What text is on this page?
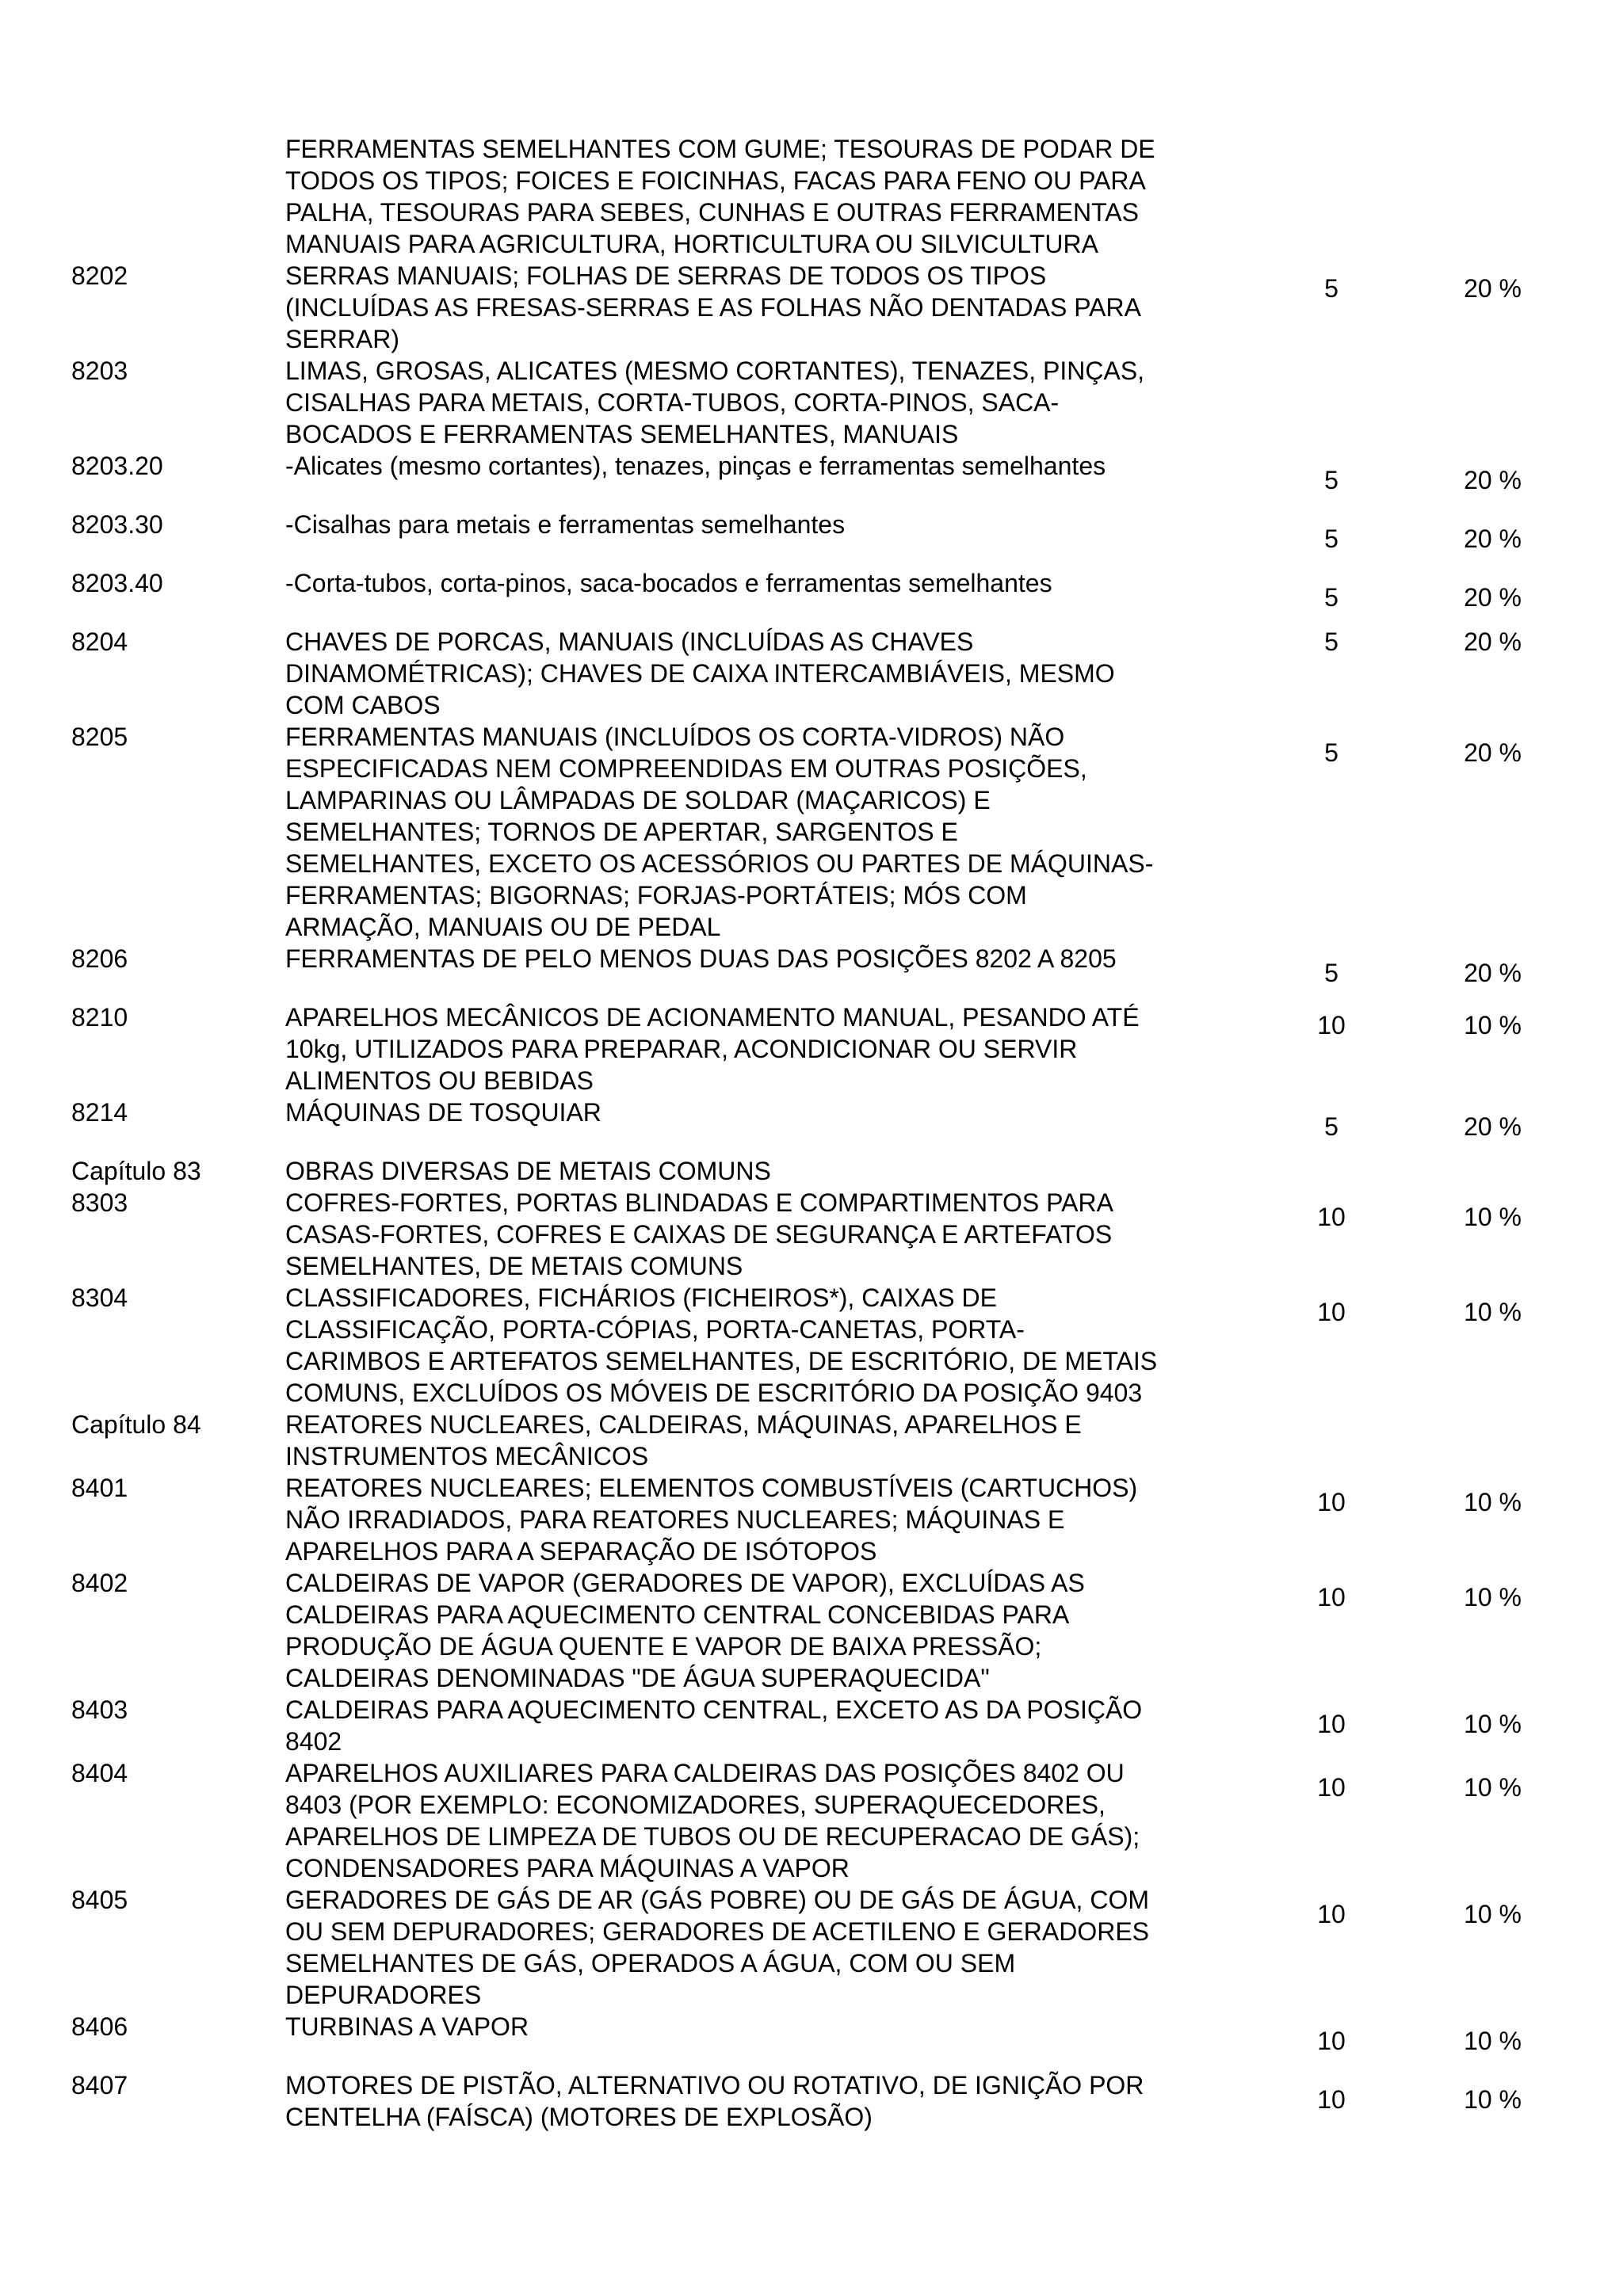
8202
FERRAMENTAS SEMELHANTES COM GUME; TESOURAS DE PODAR DE
TODOS OS TIPOS; FOICES E FOICINHAS, FACAS PARA FENO OU PARA
PALHA, TESOURAS PARA SEBES, CUNHAS E OUTRAS FERRAMENTAS
MANUAIS PARA AGRICULTURA, HORTICULTURA OU SILVICULTURA
SERRAS MANUAIS; FOLHAS DE SERRAS DE TODOS OS TIPOS
(INCLUÍDAS AS FRESAS-SERRAS E AS FOLHAS NÃO DENTADAS PARA
SERRAR)
5	20 %
8203	LIMAS, GROSAS, ALICATES (MESMO CORTANTES), TENAZES, PINÇAS,
CISALHAS PARA METAIS, CORTA-TUBOS, CORTA-PINOS, SACA-
BOCADOS E FERRAMENTAS SEMELHANTES, MANUAIS
8203.20	-Alicates (mesmo cortantes), tenazes, pinças e ferramentas semelhantes	5	20 %
8203.30	-Cisalhas para metais e ferramentas semelhantes	5	20 %
8203.40	-Corta-tubos, corta-pinos, saca-bocados e ferramentas semelhantes	5	20 %
8204	CHAVES DE PORCAS, MANUAIS (INCLUÍDAS AS CHAVES
DINAMOMÉTRICAS); CHAVES DE CAIXA INTERCAMBIÁVEIS, MESMO
COM CABOS
5	20 %
8205	FERRAMENTAS MANUAIS (INCLUÍDOS OS CORTA-VIDROS) NÃO
ESPECIFICADAS NEM COMPREENDIDAS EM OUTRAS POSIÇÕES,
LAMPARINAS OU LÂMPADAS DE SOLDAR (MAÇARICOS) E
SEMELHANTES; TORNOS DE APERTAR, SARGENTOS E
SEMELHANTES, EXCETO OS ACESSÓRIOS OU PARTES DE MÁQUINAS-
FERRAMENTAS; BIGORNAS; FORJAS-PORTÁTEIS; MÓS COM
ARMAÇÃO, MANUAIS OU DE PEDAL
5	20 %
8206	FERRAMENTAS DE PELO MENOS DUAS DAS POSIÇÕES 8202 A 8205	5	20 %
8210	APARELHOS MECÂNICOS DE ACIONAMENTO MANUAL, PESANDO ATÉ
10kg, UTILIZADOS PARA PREPARAR, ACONDICIONAR OU SERVIR
ALIMENTOS OU BEBIDAS
10	10 %
8214	MÁQUINAS DE TOSQUIAR	5	20 %
Capítulo 83	OBRAS DIVERSAS DE METAIS COMUNS
8303	COFRES-FORTES, PORTAS BLINDADAS E COMPARTIMENTOS PARA
CASAS-FORTES, COFRES E CAIXAS DE SEGURANÇA E ARTEFATOS
SEMELHANTES, DE METAIS COMUNS
10	10 %
8304	CLASSIFICADORES, FICHÁRIOS (FICHEIROS*), CAIXAS DE
CLASSIFICAÇÃO, PORTA-CÓPIAS, PORTA-CANETAS, PORTA-
CARIMBOS E ARTEFATOS SEMELHANTES, DE ESCRITÓRIO, DE METAIS
COMUNS, EXCLUÍDOS OS MÓVEIS DE ESCRITÓRIO DA POSIÇÃO 9403
10	10 %
Capítulo 84	REATORES NUCLEARES, CALDEIRAS, MÁQUINAS, APARELHOS E
INSTRUMENTOS MECÂNICOS
8401	REATORES NUCLEARES; ELEMENTOS COMBUSTÍVEIS (CARTUCHOS)
NÃO IRRADIADOS, PARA REATORES NUCLEARES; MÁQUINAS E
APARELHOS PARA A SEPARAÇÃO DE ISÓTOPOS
10	10 %
8402	CALDEIRAS DE VAPOR (GERADORES DE VAPOR), EXCLUÍDAS AS
CALDEIRAS PARA AQUECIMENTO CENTRAL CONCEBIDAS PARA
PRODUÇÃO DE ÁGUA QUENTE E VAPOR DE BAIXA PRESSÃO;
CALDEIRAS DENOMINADAS "DE ÁGUA SUPERAQUECIDA"
10	10 %
8403	CALDEIRAS PARA AQUECIMENTO CENTRAL, EXCETO AS DA POSIÇÃO
8402
10	10 %
8404	APARELHOS AUXILIARES PARA CALDEIRAS DAS POSIÇÕES 8402 OU
8403 (POR EXEMPLO: ECONOMIZADORES, SUPERAQUECEDORES,
APARELHOS DE LIMPEZA DE TUBOS OU DE RECUPERACAO DE GÁS);
CONDENSADORES PARA MÁQUINAS A VAPOR
10	10 %
8405	GERADORES DE GÁS DE AR (GÁS POBRE) OU DE GÁS DE ÁGUA, COM
OU SEM DEPURADORES; GERADORES DE ACETILENO E GERADORES
SEMELHANTES DE GÁS, OPERADOS A ÁGUA, COM OU SEM
DEPURADORES
10	10 %
8406	TURBINAS A VAPOR	10	10 %
8407	MOTORES DE PISTÃO, ALTERNATIVO OU ROTATIVO, DE IGNIÇÃO POR
CENTELHA (FAÍSCA) (MOTORES DE EXPLOSÃO)
10	10 %
